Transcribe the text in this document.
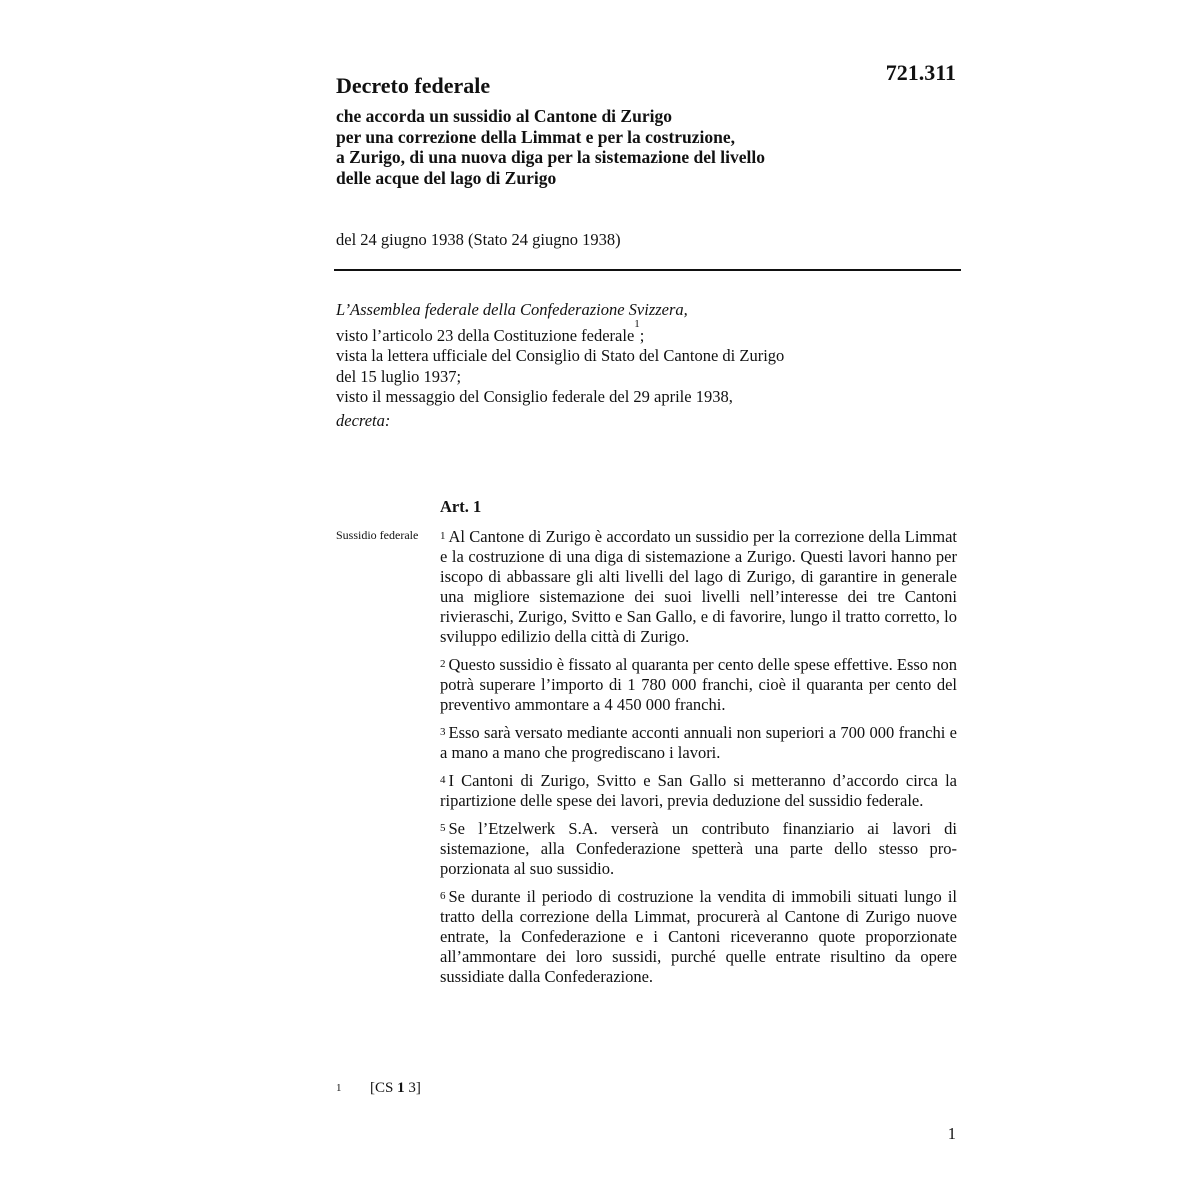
721.311
Decreto federale
che accorda un sussidio al Cantone di Zurigo
per una correzione della Limmat e per la costruzione,
a Zurigo, di una nuova diga per la sistemazione del livello
delle acque del lago di Zurigo
del 24 giugno 1938 (Stato 24 giugno 1938)
L’Assemblea federale della Confederazione Svizzera,
visto l’articolo 23 della Costituzione federale$^1$;
vista la lettera ufficiale del Consiglio di Stato del Cantone di Zurigo
del 15 luglio 1937;
visto il messaggio del Consiglio federale del 29 aprile 1938,
decreta:
Art. 1
Sussidio federale $^1$ Al Cantone di Zurigo è accordato un sussidio per la correzione della Limmat e la costruzione di una diga di sistemazione a Zurigo. Questi lavori hanno per iscopo di abbassare gli alti livelli del lago di Zurigo, di garantire in generale una migliore sistemazione dei suoi livelli nell’interesse dei tre Cantoni rivieraschi, Zurigo, Svitto e San Gallo, e di favorire, lungo il tratto corretto, lo sviluppo edilizio della città di Zurigo.

$^2$ Questo sussidio è fissato al quaranta per cento delle spese effettive. Esso non potrà superare l’importo di 1 780 000 franchi, cioè il quaranta per cento del preventivo ammontare a 4 450 000 franchi.

$^3$ Esso sarà versato mediante acconti annuali non superiori a 700 000 franchi e a mano a mano che progrediscano i lavori.

$^4$ I Cantoni di Zurigo, Svitto e San Gallo si metteranno d’accordo circa la ripartizione delle spese dei lavori, previa deduzione del sussidio federale.

$^5$ Se l’Etzelwerk S.A. verserà un contributo finanziario ai lavori di sistemazione, alla Confederazione spetterà una parte dello stesso proporzionata al suo sussidio.

$^6$ Se durante il periodo di costruzione la vendita di immobili situati lungo il tratto della correzione della Limmat, procurerà al Cantone di Zurigo nuove entrate, la Confederazione e i Cantoni riceveranno quote proporzionate all’ammontare dei loro sussidi, purché quelle entrate risultino da opere sussidiate dalla Confederazione.

1 [CS 1 3]
1
